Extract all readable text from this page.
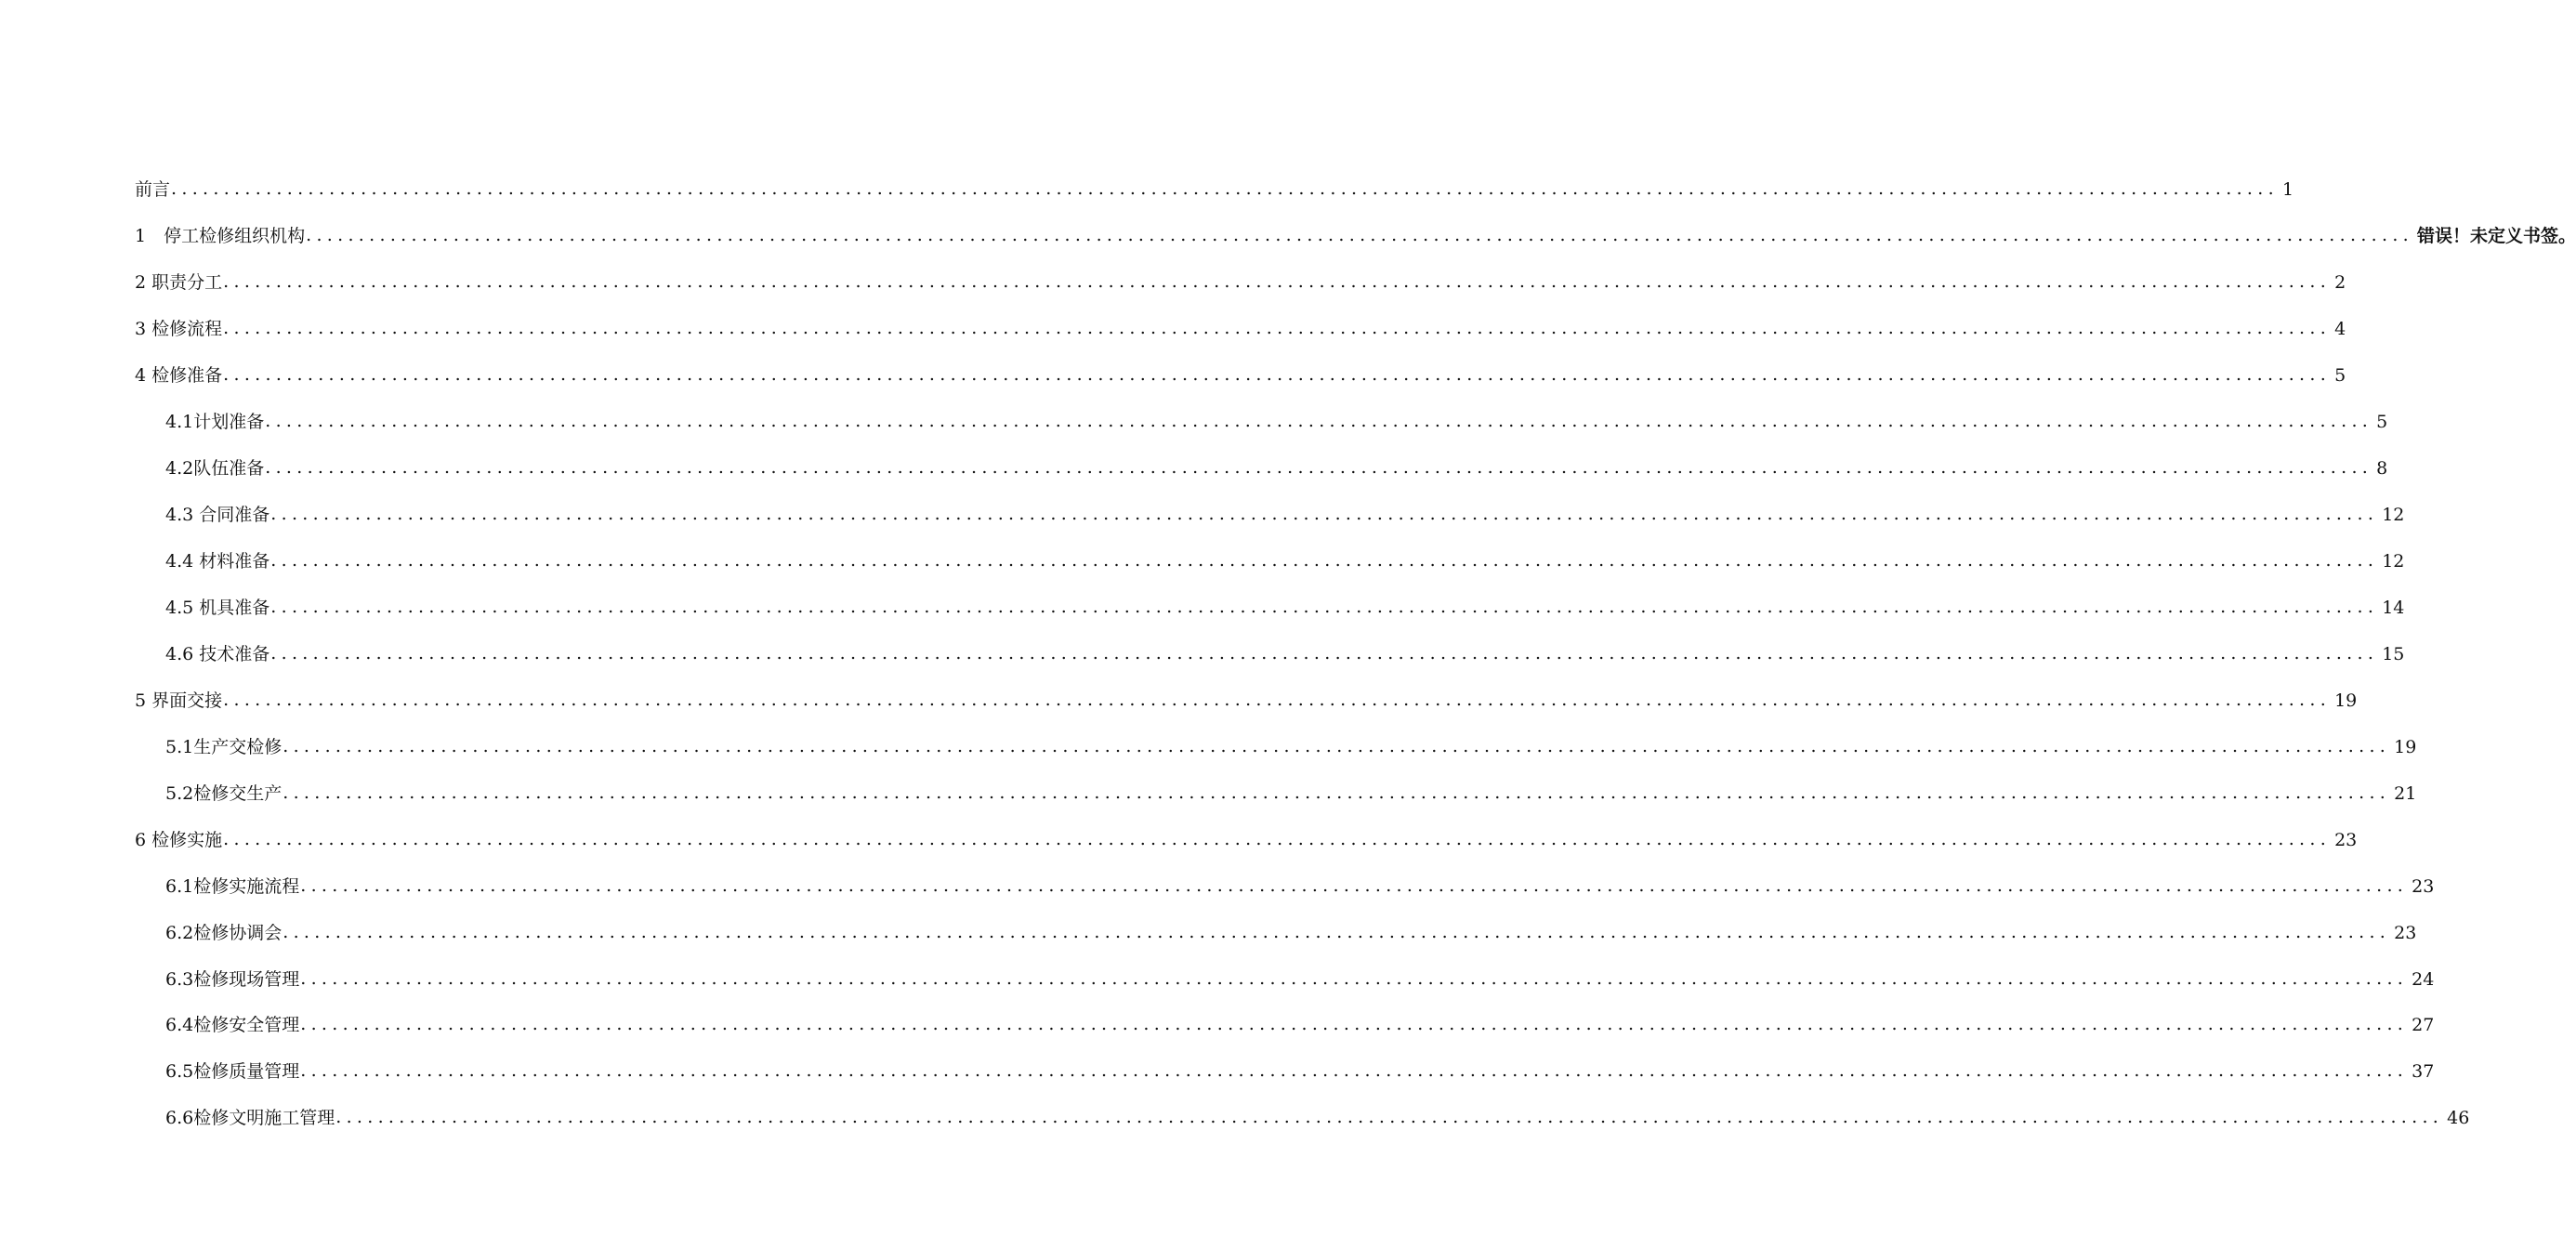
前言 ........................................................................................................................................................................................................ 1
1　 停工检修组织机构 ........................................................................................................................................................................................................ 错误！未定义书签。
2 职责分工 ........................................................................................................................................................................................................ 2
3 检修流程 ........................................................................................................................................................................................................ 4
4 检修准备 ........................................................................................................................................................................................................ 5
4.1 计划准备 ........................................................................................................................................................................................................ 5
4.2 队伍准备 ........................................................................................................................................................................................................ 8
4.3 合同准备 ........................................................................................................................................................................................................ 12
4.4 材料准备 ........................................................................................................................................................................................................ 12
4.5 机具准备 ........................................................................................................................................................................................................ 14
4.6 技术准备 ........................................................................................................................................................................................................ 15
5 界面交接 ........................................................................................................................................................................................................ 19
5.1 生产交检修 ........................................................................................................................................................................................................ 19
5.2 检修交生产 ........................................................................................................................................................................................................ 21
6 检修实施 ........................................................................................................................................................................................................ 23
6.1 检修实施流程 ........................................................................................................................................................................................................ 23
6.2 检修协调会 ........................................................................................................................................................................................................ 23
6.3 检修现场管理 ........................................................................................................................................................................................................ 24
6.4 检修安全管理 ........................................................................................................................................................................................................ 27
6.5 检修质量管理 ........................................................................................................................................................................................................ 37
6.6 检修文明施工管理 ........................................................................................................................................................................................................ 46
